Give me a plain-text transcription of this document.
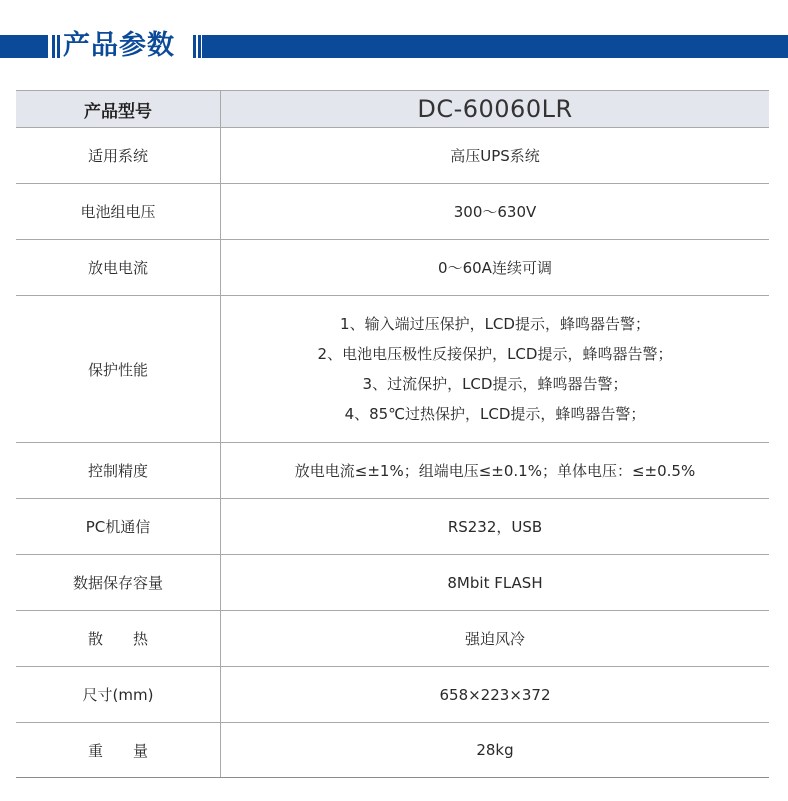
产品参数
产品型号	DC-60060LR
适用系统	高压UPS系统
电池组电压	300～630V
放电电流	0～60A连续可调
保护性能	1、输入端过压保护，LCD提示，蜂鸣器告警；
2、电池电压极性反接保护，LCD提示，蜂鸣器告警；
3、过流保护，LCD提示，蜂鸣器告警；
4、85℃过热保护，LCD提示，蜂鸣器告警；

控制精度	放电电流≤±1%；组端电压≤±0.1%；单体电压：≤±0.5%
PC机通信	RS232，USB
数据保存容量	8Mbit FLASH
散热	强迫风冷
尺寸(mm)	658×223×372
重量	28kg
